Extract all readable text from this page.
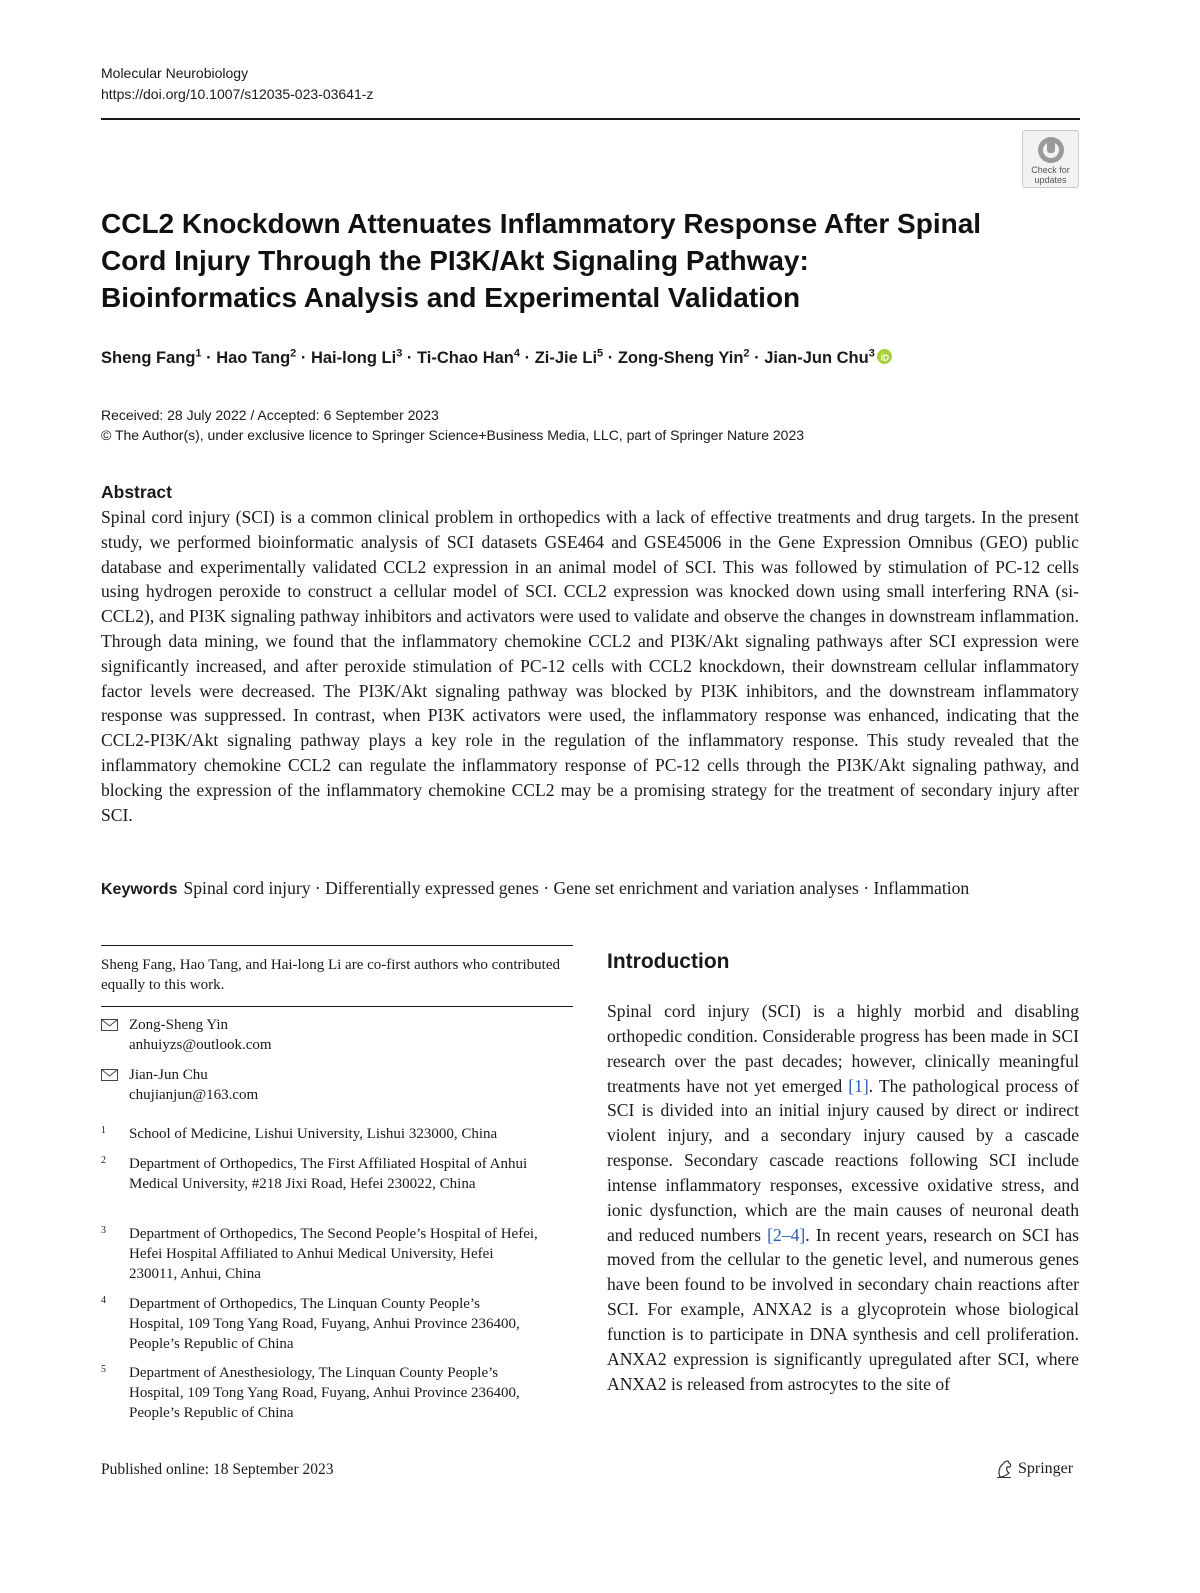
Molecular Neurobiology
https://doi.org/10.1007/s12035-023-03641-z
Check for
updates
CCL2 Knockdown Attenuates Inflammatory Response After Spinal Cord Injury Through the PI3K/Akt Signaling Pathway: Bioinformatics Analysis and Experimental Validation
Sheng Fang$^1$ · Hao Tang$^2$ · Hai-long $Li^3$ · Ti-Chao Han$^4$ · Zi-Jie $Li^5$ · Zong-Sheng Yin$^2$ · Jian-Jun Chu$^3$
Received: 28 July 2022 / Accepted: 6 September 2023
© The Author(s), under exclusive licence to Springer Science+Business Media, LLC, part of Springer Nature 2023
Abstract

Spinal cord injury (SCI) is a common clinical problem in orthopedics with a lack of effective treatments and drug targets. In the present study, we performed bioinformatic analysis of SCI datasets GSE464 and GSE45006 in the Gene Expression Omnibus (GEO) public database and experimentally validated CCL2 expression in an animal model of SCI. This was followed by stimulation of PC-12 cells using hydrogen peroxide to construct a cellular model of SCI. CCL2 expression was knocked down using small interfering RNA (si-CCL2), and PI3K signaling pathway inhibitors and activators were used to validate and observe the changes in downstream inflammation. Through data mining, we found that the inflammatory chemokine CCL2 and PI3K/Akt signaling pathways after SCI expression were significantly increased, and after peroxide stimulation of PC-12 cells with CCL2 knockdown, their downstream cellular inflammatory factor levels were decreased. The PI3K/Akt signaling pathway was blocked by PI3K inhibitors, and the downstream inflammatory response was suppressed. In contrast, when PI3K activators were used, the inflammatory response was enhanced, indicating that the CCL2-PI3K/Akt signaling pathway plays a key role in the regulation of the inflammatory response. This study revealed that the inflammatory chemokine CCL2 can regulate the inflammatory response of PC-12 cells through the PI3K/Akt signaling pathway, and blocking the expression of the inflammatory chemokine CCL2 may be a promising strategy for the treatment of secondary injury after SCI.

Keywords Spinal cord injury · Differentially expressed genes · Gene set enrichment and variation analyses · Inflammation
Sheng Fang, Hao Tang, and Hai-long Li are co-first authors who contributed equally to this work.
Zong-Sheng Yin
anhuiyzs@outlook.com
Jian-Jun Chu
chujianjun@163.com
1 School of Medicine, Lishui University, Lishui 323000, China
2 Department of Orthopedics, The First Affiliated Hospital of Anhui Medical University, #218 Jixi Road, Hefei 230022, China
3 Department of Orthopedics, The Second People’s Hospital of Hefei, Hefei Hospital Affiliated to Anhui Medical University, Hefei 230011, Anhui, China
4 Department of Orthopedics, The Linquan County People’s Hospital, 109 Tong Yang Road, Fuyang, Anhui Province 236400, People’s Republic of China
5 Department of Anesthesiology, The Linquan County People’s Hospital, 109 Tong Yang Road, Fuyang, Anhui Province 236400, People’s Republic of China
Introduction

Spinal cord injury (SCI) is a highly morbid and disabling orthopedic condition. Considerable progress has been made in SCI research over the past decades; however, clinically meaningful treatments have not yet emerged [1]. The pathological process of SCI is divided into an initial injury caused by direct or indirect violent injury, and a secondary injury caused by a cascade response. Secondary cascade reactions following SCI include intense inflammatory responses, excessive oxidative stress, and ionic dysfunction, which are the main causes of neuronal death and reduced numbers [2–4]. In recent years, research on SCI has moved from the cellular to the genetic level, and numerous genes have been found to be involved in secondary chain reactions after SCI. For example, ANXA2 is a glycoprotein whose biological function is to participate in DNA synthesis and cell proliferation. ANXA2 expression is significantly upregulated after SCI, where ANXA2 is released from astrocytes to the site of

Published online: 18 September 2023	Springer
